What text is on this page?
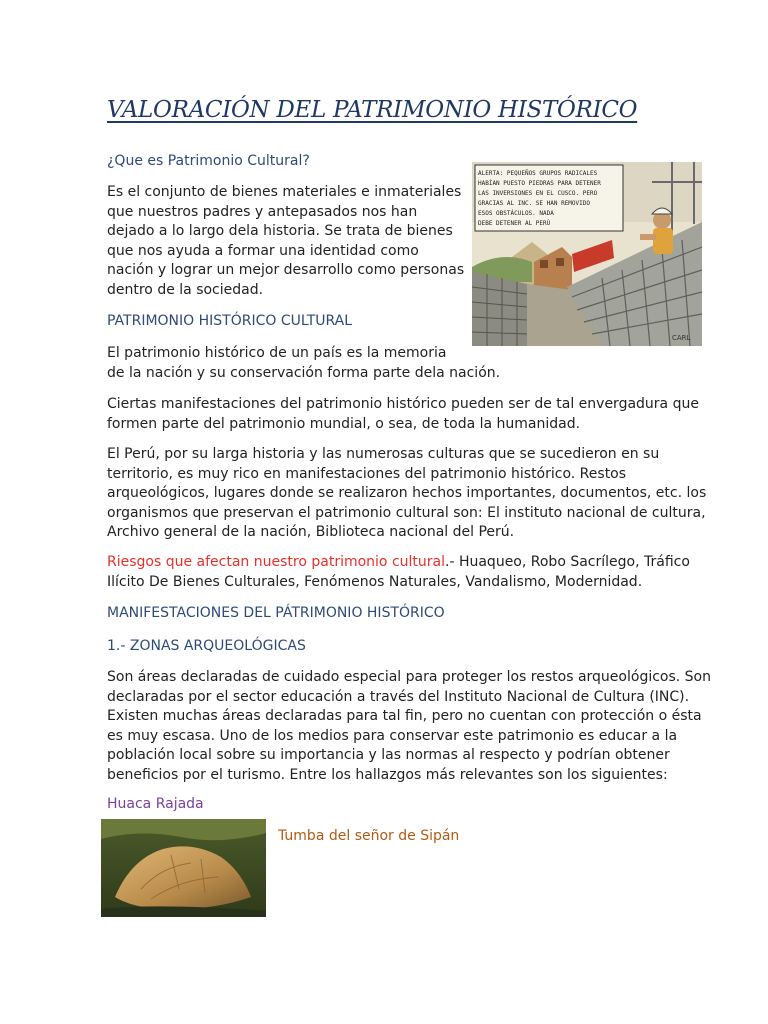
VALORACIÓN DEL PATRIMONIO HISTÓRICO
¿Que es Patrimonio Cultural?

Es el conjunto de bienes materiales e inmateriales

que nuestros padres y antepasados nos han

dejado a lo largo dela historia. Se trata de bienes

que nos ayuda a formar una identidad como

nación y lograr un mejor desarrollo como personas

dentro de la sociedad.

ALERTA: PEQUEÑOS GRUPOS RADICALES
HABÍAN PUESTO PIEDRAS PARA DETENER
LAS INVERSIONES EN EL CUSCO. PERO
GRACIAS AL INC. SE HAN REMOVIDO
ESOS OBSTÁCULOS. NADA
DEBE DETENER AL PERÚ
CARL
PATRIMONIO HISTÓRICO CULTURAL

El patrimonio histórico de un país es la memoria

de la nación y su conservación forma parte dela nación.

Ciertas manifestaciones del patrimonio histórico pueden ser de tal envergadura que

formen parte del patrimonio mundial, o sea, de toda la humanidad.

El Perú, por su larga historia y las numerosas culturas que se sucedieron en su

territorio, es muy rico en manifestaciones del patrimonio histórico. Restos

arqueológicos, lugares donde se realizaron hechos importantes, documentos, etc. los

organismos que preservan el patrimonio cultural son: El instituto nacional de cultura,

Archivo general de la nación, Biblioteca nacional del Perú.

Riesgos que afectan nuestro patrimonio cultural.- Huaqueo, Robo Sacrílego, Tráfico

Ilícito De Bienes Culturales, Fenómenos Naturales, Vandalismo, Modernidad.

MANIFESTACIONES DEL PÁTRIMONIO HISTÓRICO
1.- ZONAS ARQUEOLÓGICAS

Son áreas declaradas de cuidado especial para proteger los restos arqueológicos. Son

declaradas por el sector educación a través del Instituto Nacional de Cultura (INC).

Existen muchas áreas declaradas para tal fin, pero no cuentan con protección o ésta

es muy escasa. Uno de los medios para conservar este patrimonio es educar a la

población local sobre su importancia y las normas al respecto y podrían obtener

beneficios por el turismo. Entre los hallazgos más relevantes son los siguientes:

Huaca Rajada
Tumba del señor de Sipán
